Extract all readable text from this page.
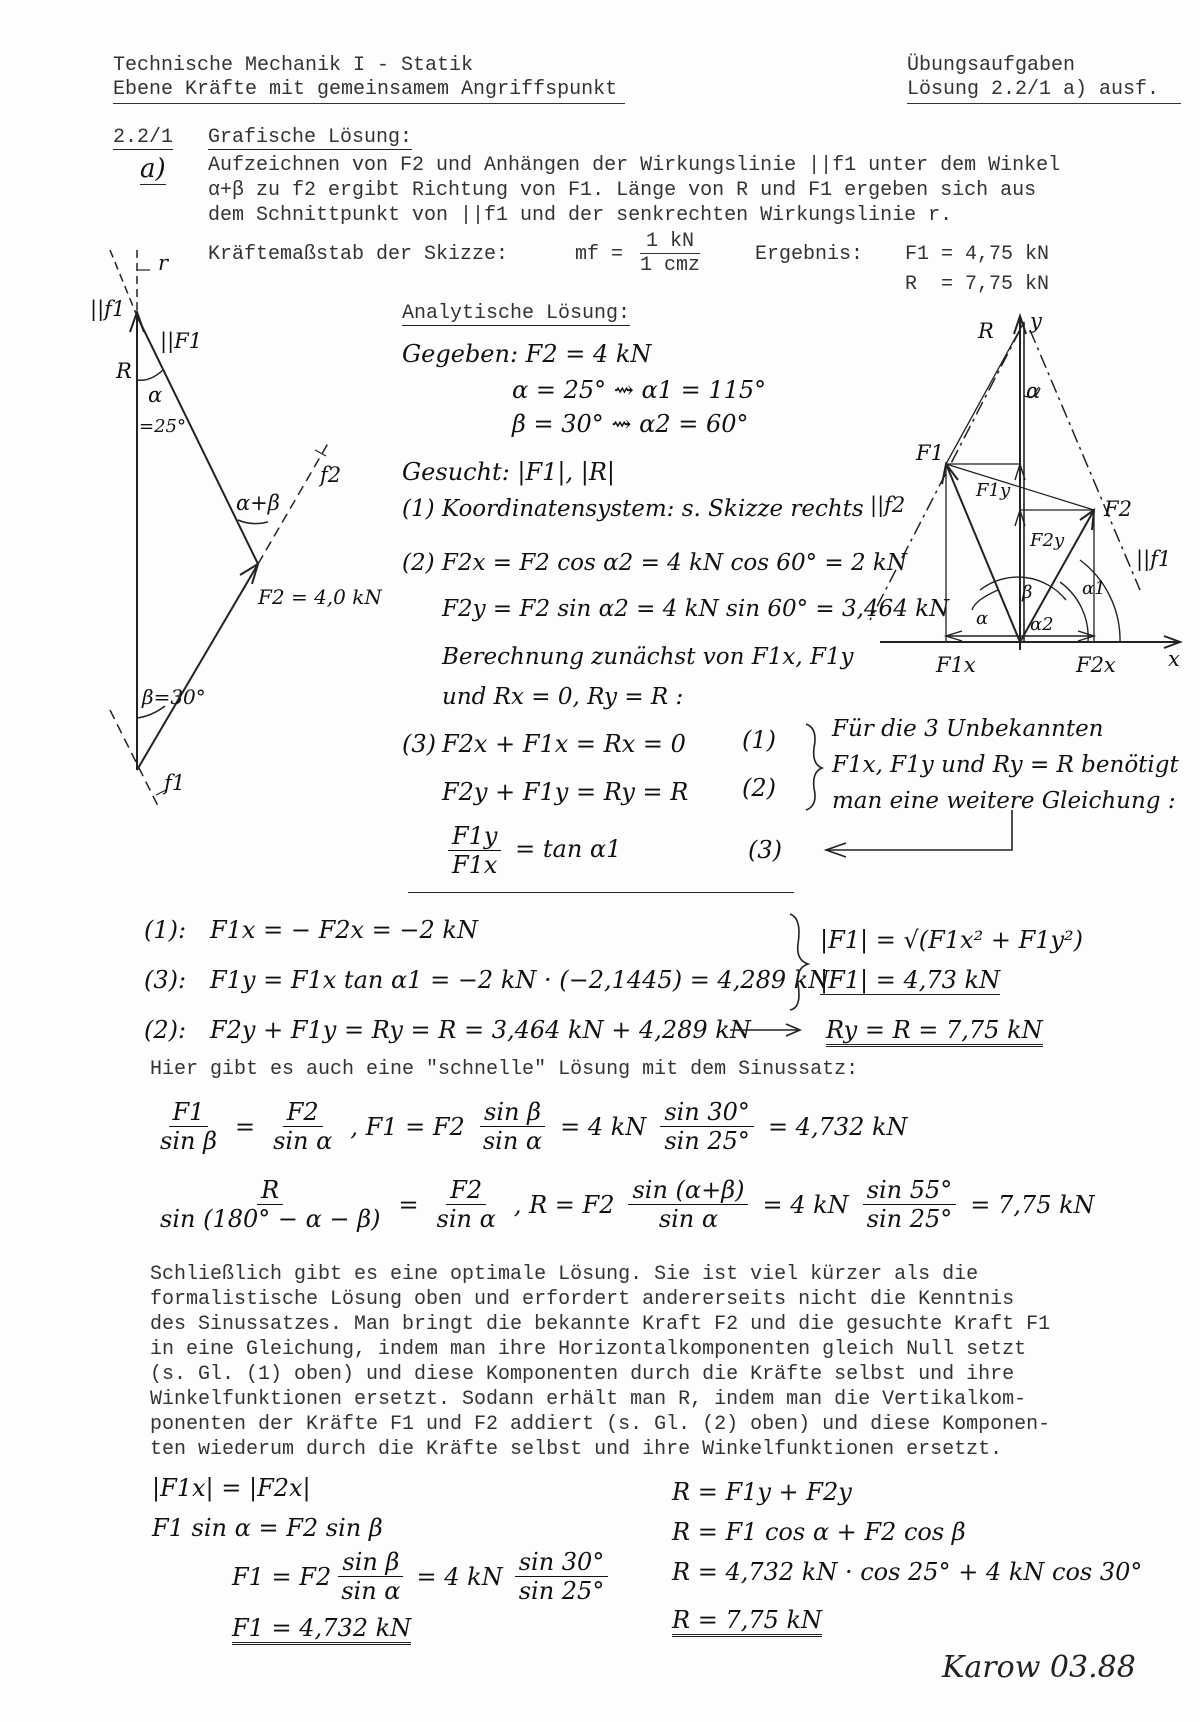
Technische Mechanik I - Statik
Ebene Kräfte mit gemeinsamem Angriffspunkt
Übungsaufgaben
Lösung 2.2/1 a) ausf.
2.2/1 Grafische Lösung:
a) Aufzeichnen von F2 und Anhängen der Wirkungslinie ||f1 unter dem Winkel
α+β zu f2 ergibt Richtung von F1. Länge von R und F1 ergeben sich aus
dem Schnittpunkt von ||f1 und der senkrechten Wirkungslinie r.
Kräftemaßstab der Skizze:	mf =
1 kN
1 cmz	Ergebnis: F1 = 4,75 kN
R  = 7,75 kN
r
||f1
||F1
R
α
=25°
f2
α+β
F2 = 4,0 kN
β=30°
f1
Analytische Lösung:
Gegeben: F2 = 4 kN
α = 25° ⇝ α1 = 115°
β = 30° ⇝ α2 = 60°
Gesucht: |F1|, |R|
(1) Koordinatensystem: s. Skizze rechts
(2) F2x = F2 cos α2 = 4 kN cos 60° = 2 kN
F2y = F2 sin α2 = 4 kN sin 60° = 3,464 kN
Berechnung zunächst von F1x, F1y
und Rx = 0, Ry = R :
(3) F2x + F1x = Rx = 0 (1)
F2y + F1y = Ry = R (2)
$\frac{F1y}{F1x} = \tan \alpha 1$	(3)
Für die 3 Unbekannten
F1x, F1y und Ry = R benötigt
man eine weitere Gleichung :
R y
x
α
F1
F1y
F2y
F2
||f2
||f1
β	α1
α2
α
F1x	F2x
(1): F1x = − F2x = −2 kN
(3): F1y = F1x tan α1 = −2 kN · (−2,1445) = 4,289 kN
(2): F2y + F1y = Ry = R = 3,464 kN + 4,289 kN
|F1| = √(F1x² + F1y²)
|F1| = 4,73 kN
Ry = R = 7,75 kN
Hier gibt es auch eine "schnelle" Lösung mit dem Sinussatz:
$\frac{F1}{\text{sin β}} = \frac{F2}{\text{sin α}}$ , $F1 = F2 \frac{\text{sin β}}{\text{sin α}} = 4$ kN $\frac{\sin 30^\circ}{\sin 25^\circ} = 4,732$ kN
$\frac{R}{\sin (180^\circ - \alpha - \beta)} = \frac{F2}{\text{sin α}}$ , $R = F2 \frac{\sin (\alpha+\beta)}{\text{sin α}} = 4$ kN $\frac{\sin 55^\circ}{\sin 25^\circ} = 7,75$ kN
Schließlich gibt es eine optimale Lösung. Sie ist viel kürzer als die
formalistische Lösung oben und erfordert andererseits nicht die Kenntnis
des Sinussatzes. Man bringt die bekannte Kraft F2 und die gesuchte Kraft F1
in eine Gleichung, indem man ihre Horizontalkomponenten gleich Null setzt
(s. Gl. (1) oben) und diese Komponenten durch die Kräfte selbst und ihre
Winkelfunktionen ersetzt. Sodann erhält man R, indem man die Vertikalkom-
ponenten der Kräfte F1 und F2 addiert (s. Gl. (2) oben) und diese Komponen-
ten wiederum durch die Kräfte selbst und ihre Winkelfunktionen ersetzt.
|F1x| = |F2x|
F1 sin α = F2 sin β
$F1 = F2 \frac{\text{sin β}}{\text{sin α}} = 4$ kN $\frac{\sin 30^\circ}{\sin 25^\circ}$
F1 = 4,732 kN
R = F1y + F2y
R = F1 cos α + F2 cos β
R = 4,732 kN · cos 25° + 4 kN cos 30°
R = 7,75 kN
Karow 03.88
